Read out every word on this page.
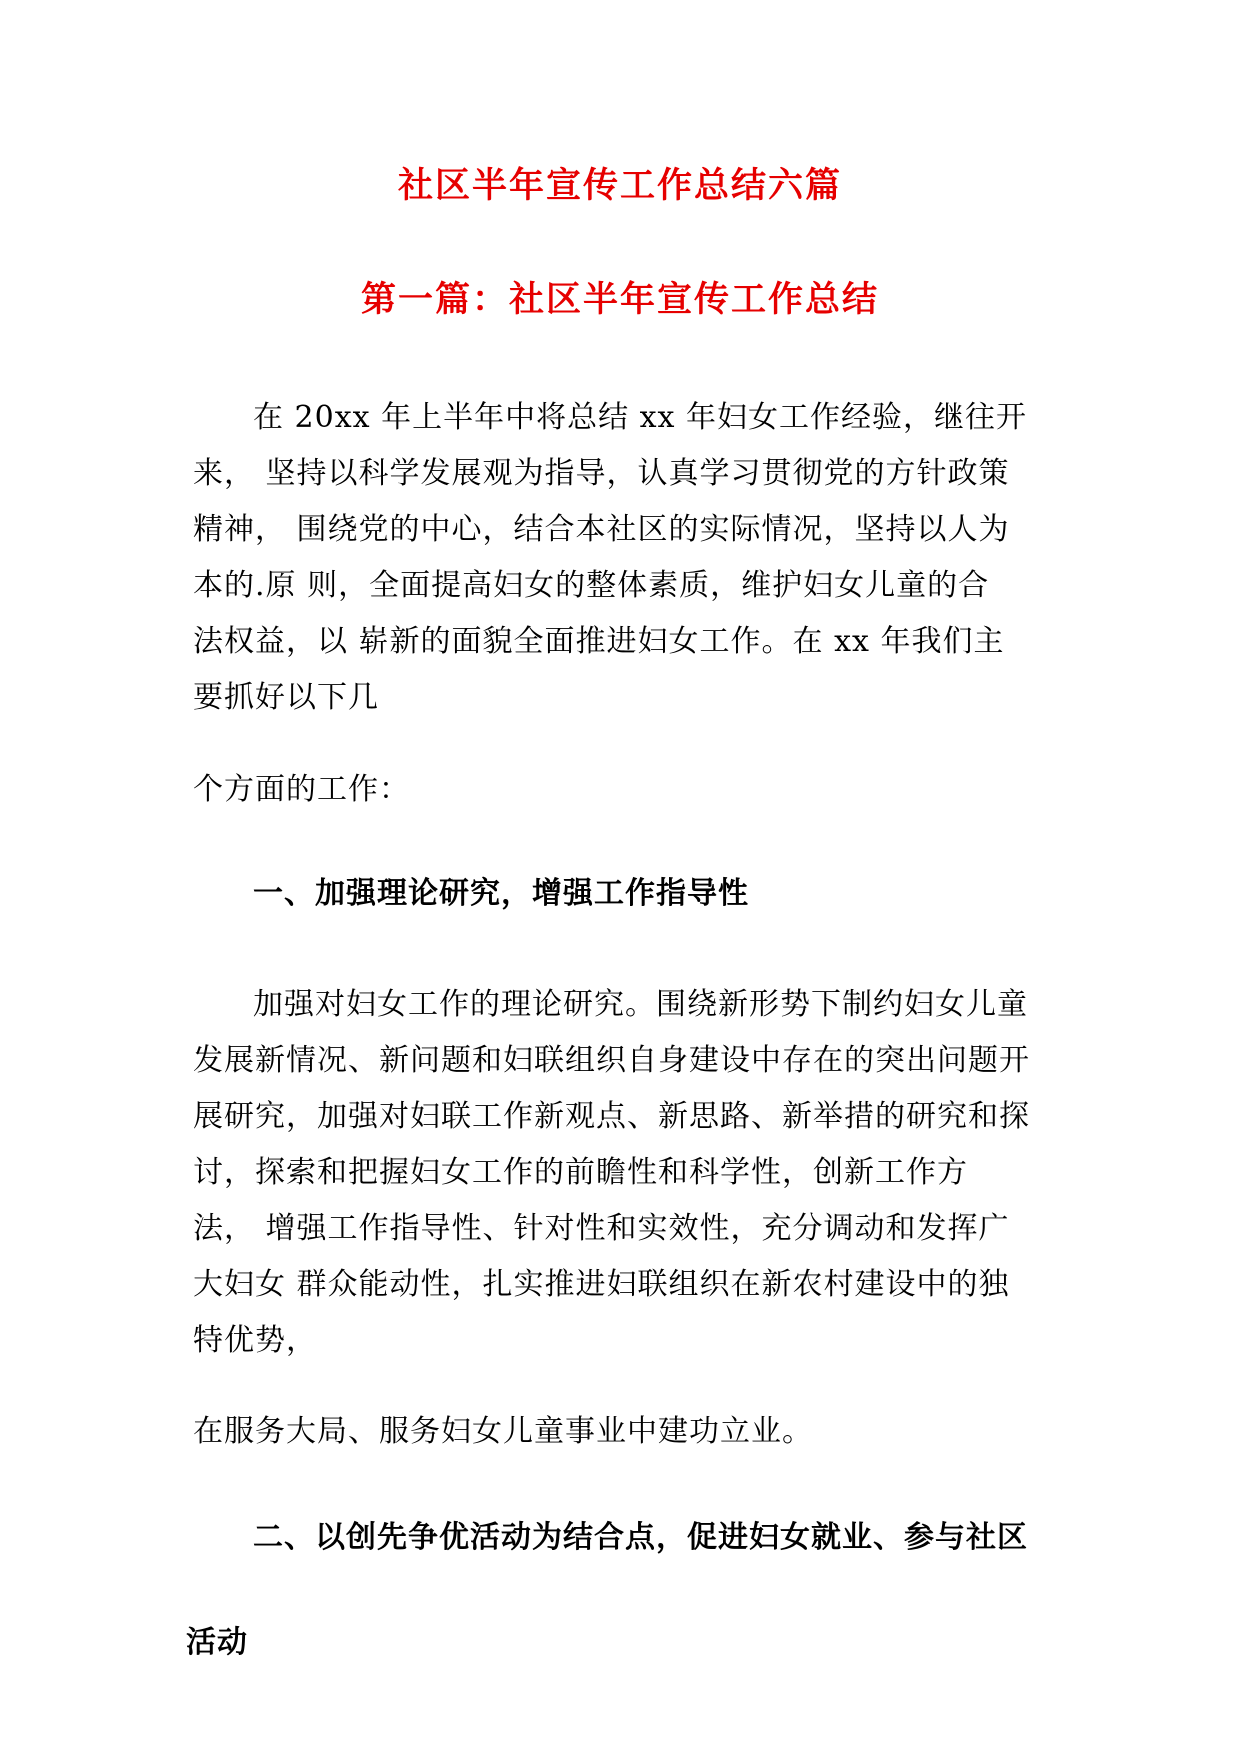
社区半年宣传工作总结六篇
第一篇：社区半年宣传工作总结
在 20xx 年上半年中将总结 xx 年妇女工作经验，继往开
来， 坚持以科学发展观为指导，认真学习贯彻党的方针政策
精神， 围绕党的中心，结合本社区的实际情况，坚持以人为
本的.原 则，全面提高妇女的整体素质，维护妇女儿童的合
法权益，以 崭新的面貌全面推进妇女工作。在 xx 年我们主
要抓好以下几
个方面的工作：
一、加强理论研究，增强工作指导性
加强对妇女工作的理论研究。围绕新形势下制约妇女儿童
发展新情况、新问题和妇联组织自身建设中存在的突出问题开
展研究，加强对妇联工作新观点、新思路、新举措的研究和探
讨，探索和把握妇女工作的前瞻性和科学性，创新工作方
法， 增强工作指导性、针对性和实效性，充分调动和发挥广
大妇女 群众能动性，扎实推进妇联组织在新农村建设中的独
特优势，
在服务大局、服务妇女儿童事业中建功立业。
二、以创先争优活动为结合点，促进妇女就业、参与社区
活动
